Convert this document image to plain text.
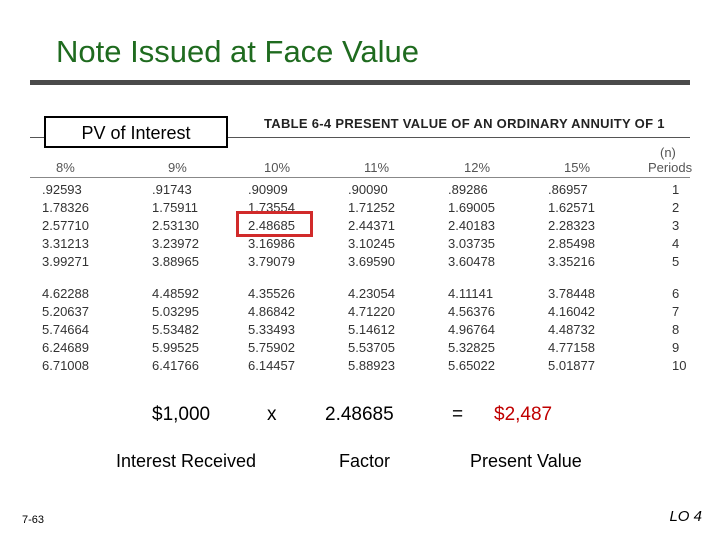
Note Issued at Face Value
TABLE 6-4 PRESENT VALUE OF AN ORDINARY ANNUITY OF 1
PV of Interest
(n)
8%	9%	10%	11%	12%	15%	Periods
.92593	.91743	.90909	.90090	.89286	.86957	1
1.78326	1.75911	1.73554	1.71252	1.69005	1.62571	2
2.57710	2.53130	2.48685	2.44371	2.40183	2.28323	3
3.31213	3.23972	3.16986	3.10245	3.03735	2.85498	4
3.99271	3.88965	3.79079	3.69590	3.60478	3.35216	5
4.62288	4.48592	4.35526	4.23054	4.11141	3.78448	6
5.20637	5.03295	4.86842	4.71220	4.56376	4.16042	7
5.74664	5.53482	5.33493	5.14612	4.96764	4.48732	8
6.24689	5.99525	5.75902	5.53705	5.32825	4.77158	9
6.71008	6.41766	6.14457	5.88923	5.65022	5.01877	10
$1,000	x	2.48685	= $2,487
Interest Received	Factor	Present Value
7-63	LO 4
